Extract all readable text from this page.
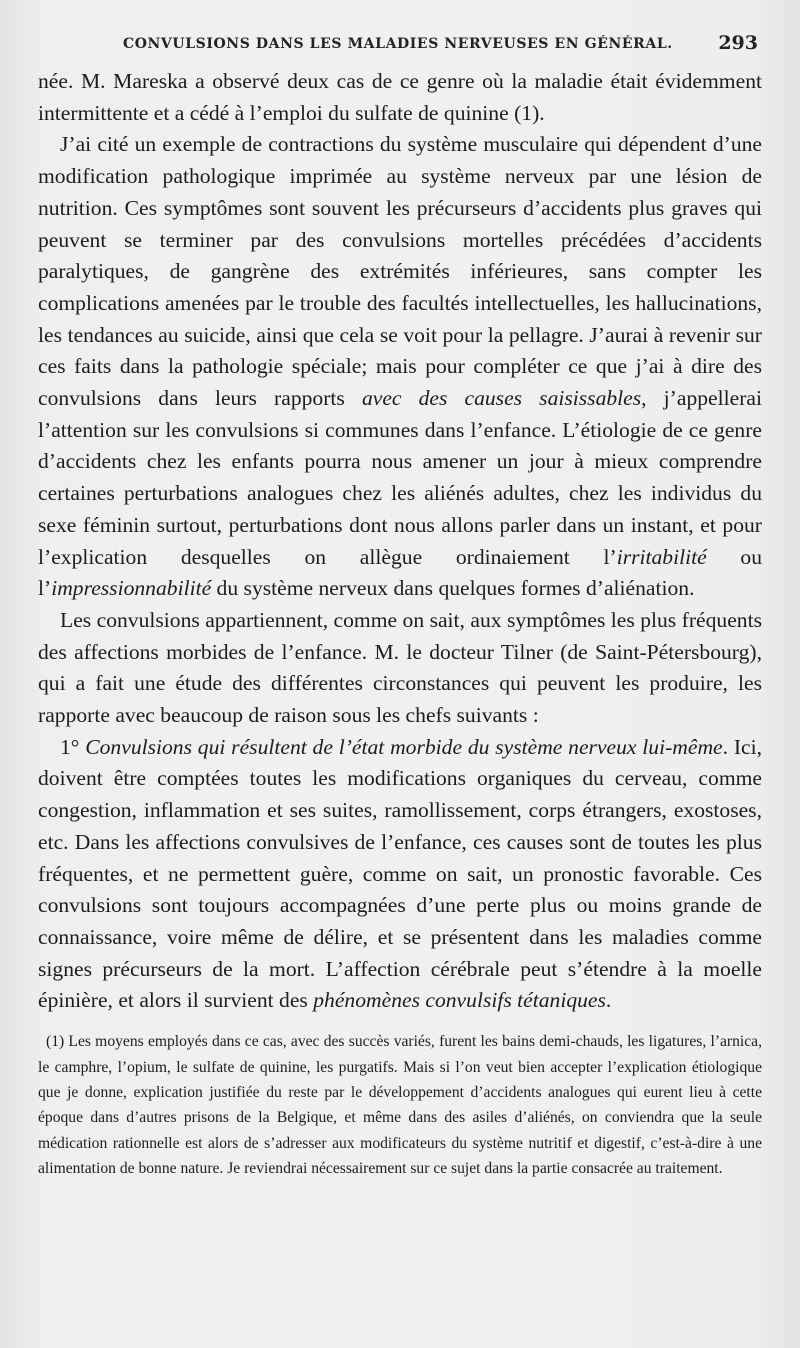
CONVULSIONS DANS LES MALADIES NERVEUSES EN GÉNÉRAL. 293

née. M. Mareska a observé deux cas de ce genre où la maladie était évidemment intermittente et a cédé à l’emploi du sulfate de quinine (1).

J’ai cité un exemple de contractions du système musculaire qui dépendent d’une modification pathologique imprimée au système nerveux par une lésion de nutrition. Ces symptômes sont souvent les précurseurs d’accidents plus graves qui peuvent se terminer par des convulsions mortelles précédées d’accidents paralytiques, de gangrène des extrémités inférieures, sans compter les complications amenées par le trouble des facultés intellectuelles, les hallucinations, les tendances au suicide, ainsi que cela se voit pour la pellagre. J’aurai à revenir sur ces faits dans la pathologie spéciale; mais pour compléter ce que j’ai à dire des convulsions dans leurs rapports avec des causes saisissables, j’appellerai l’attention sur les convulsions si communes dans l’enfance. L’étiologie de ce genre d’accidents chez les enfants pourra nous amener un jour à mieux comprendre certaines perturbations analogues chez les aliénés adultes, chez les individus du sexe féminin surtout, perturbations dont nous allons parler dans un instant, et pour l’explication desquelles on allègue ordinaiement l’irritabilité ou l’impressionnabilité du système nerveux dans quelques formes d’aliénation.

Les convulsions appartiennent, comme on sait, aux symptômes les plus fréquents des affections morbides de l’enfance. M. le docteur Tilner (de Saint-Pétersbourg), qui a fait une étude des différentes circonstances qui peuvent les produire, les rapporte avec beaucoup de raison sous les chefs suivants :

1° Convulsions qui résultent de l’état morbide du système nerveux lui-même. Ici, doivent être comptées toutes les modifications organiques du cerveau, comme congestion, inflammation et ses suites, ramollissement, corps étrangers, exostoses, etc. Dans les affections convulsives de l’enfance, ces causes sont de toutes les plus fréquentes, et ne permettent guère, comme on sait, un pronostic favorable. Ces convulsions sont toujours accompagnées d’une perte plus ou moins grande de connaissance, voire même de délire, et se présentent dans les maladies comme signes précurseurs de la mort. L’affection cérébrale peut s’étendre à la moelle épinière, et alors il survient des phénomènes convulsifs tétaniques.

(1) Les moyens employés dans ce cas, avec des succès variés, furent les bains demi-chauds, les ligatures, l’arnica, le camphre, l’opium, le sulfate de quinine, les purgatifs. Mais si l’on veut bien accepter l’explication étiologique que je donne, explication justifiée du reste par le développement d’accidents analogues qui eurent lieu à cette époque dans d’autres prisons de la Belgique, et même dans des asiles d’aliénés, on conviendra que la seule médication rationnelle est alors de s’adresser aux modificateurs du système nutritif et digestif, c’est-à-dire à une alimentation de bonne nature. Je reviendrai nécessairement sur ce sujet dans la partie consacrée au traitement.
